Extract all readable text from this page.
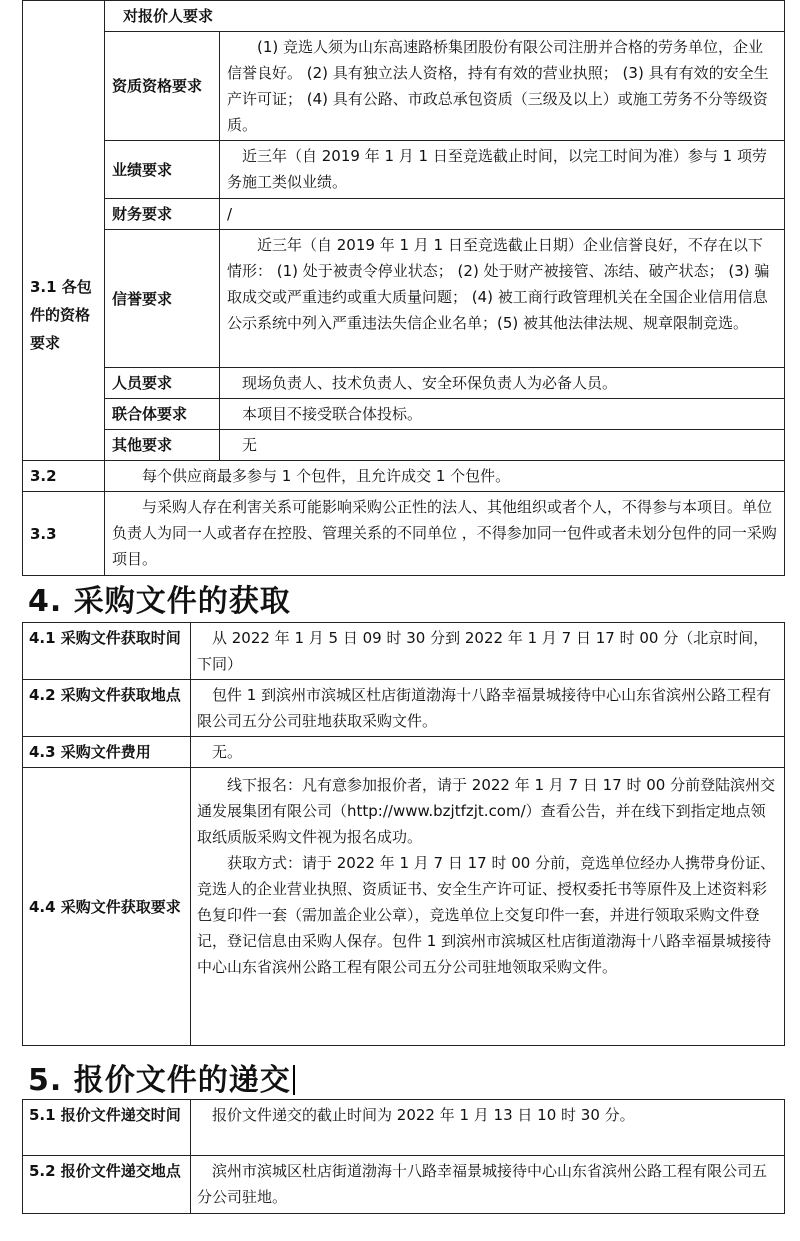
3.1 各包件的资格要求	对报价人要求	
	资质资格要求	(1) 竞选人须为山东高速路桥集团股份有限公司注册并合格的劳务单位，企业信誉良好。 (2) 具有独立法人资格，持有有效的营业执照； (3) 具有有效的安全生产许可证； (4) 具有公路、市政总承包资质（三级及以上）或施工劳务不分等级资质。
	业绩要求	近三年（自 2019 年 1 月 1 日至竞选截止时间，以完工时间为准）参与 1 项劳务施工类似业绩。
	财务要求	/
	信誉要求	近三年（自 2019 年 1 月 1 日至竞选截止日期）企业信誉良好，不存在以下情形： (1) 处于被责令停业状态； (2) 处于财产被接管、冻结、破产状态； (3) 骗取成交或严重违约或重大质量问题； (4) 被工商行政管理机关在全国企业信用信息公示系统中列入严重违法失信企业名单；(5) 被其他法律法规、规章限制竞选。
	人员要求	现场负责人、技术负责人、安全环保负责人为必备人员。
	联合体要求	本项目不接受联合体投标。
	其他要求	无
3.2	每个供应商最多参与 1 个包件，且允许成交 1 个包件。	
3.3	与采购人存在利害关系可能影响采购公正性的法人、其他组织或者个人，不得参与本项目。单位负责人为同一人或者存在控股、管理关系的不同单位 ，不得参加同一包件或者未划分包件的同一采购项目。	
4. 采购文件的获取
4.1 采购文件获取时间	从 2022 年 1 月 5 日 09 时 30 分到 2022 年 1 月 7 日 17 时 00 分（北京时间，下同）
4.2 采购文件获取地点	包件 1 到滨州市滨城区杜店街道渤海十八路幸福景城接待中心山东省滨州公路工程有限公司五分公司驻地获取采购文件。
4.3 采购文件费用	无。
4.4 采购文件获取要求	线下报名：凡有意参加报价者，请于 2022 年 1 月 7 日 17 时 00 分前登陆滨州交通发展集团有限公司（http://www.bzjtfzjt.com/）查看公告，并在线下到指定地点领取纸质版采购文件视为报名成功。

获取方式：请于 2022 年 1 月 7 日 17 时 00 分前，竞选单位经办人携带身份证、竞选人的企业营业执照、资质证书、安全生产许可证、授权委托书等原件及上述资料彩色复印件一套（需加盖企业公章），竞选单位上交复印件一套，并进行领取采购文件登记，登记信息由采购人保存。包件 1 到滨州市滨城区杜店街道渤海十八路幸福景城接待中心山东省滨州公路工程有限公司五分公司驻地领取采购文件。

5. 报价文件的递交
5.1 报价文件递交时间	报价文件递交的截止时间为 2022 年 1 月 13 日 10 时 30 分。
5.2 报价文件递交地点	滨州市滨城区杜店街道渤海十八路幸福景城接待中心山东省滨州公路工程有限公司五分公司驻地。
